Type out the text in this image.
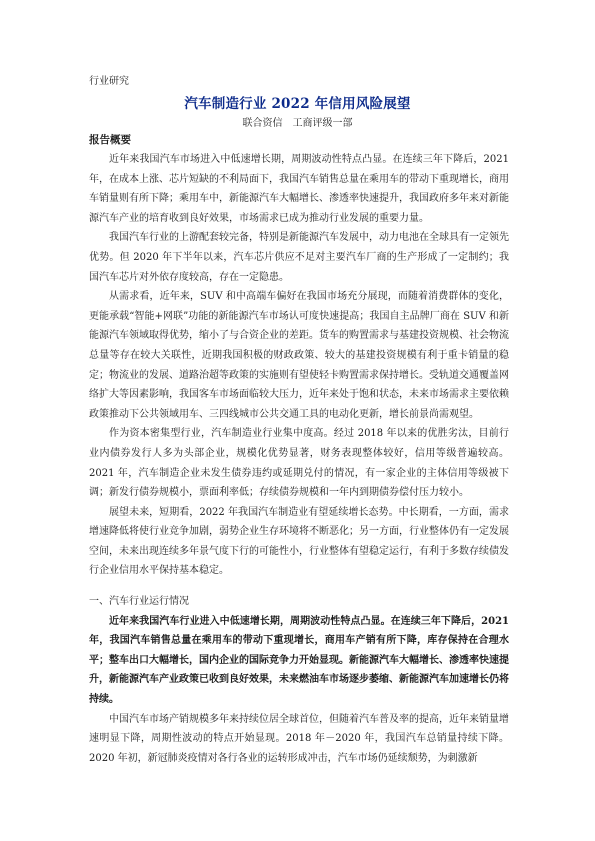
行业研究
汽车制造行业 2022 年信用风险展望
联合资信　工商评级一部
报告概要

近年来我国汽车市场进入中低速增长期，周期波动性特点凸显。在连续三年下降后，2021 年，在成本上涨、芯片短缺的不利局面下，我国汽车销售总量在乘用车的带动下重现增长，商用车销量则有所下降；乘用车中，新能源汽车大幅增长、渗透率快速提升，我国政府多年来对新能源汽车产业的培育收到良好效果，市场需求已成为推动行业发展的重要力量。

我国汽车行业的上游配套较完备，特别是新能源汽车发展中，动力电池在全球具有一定领先优势。但 2020 年下半年以来，汽车芯片供应不足对主要汽车厂商的生产形成了一定制约；我国汽车芯片对外依存度较高，存在一定隐患。

从需求看，近年来，SUV 和中高端车偏好在我国市场充分展现，而随着消费群体的变化，更能承载“智能+网联”功能的新能源汽车市场认可度快速提高；我国自主品牌厂商在 SUV 和新能源汽车领域取得优势，缩小了与合资企业的差距。货车的购置需求与基建投资规模、社会物流总量等存在较大关联性，近期我国积极的财政政策、较大的基建投资规模有利于重卡销量的稳定；物流业的发展、道路治超等政策的实施则有望使轻卡购置需求保持增长。受轨道交通覆盖网络扩大等因素影响，我国客车市场面临较大压力，近年来处于饱和状态，未来市场需求主要依赖政策推动下公共领域用车、三四线城市公共交通工具的电动化更新，增长前景尚需观望。

作为资本密集型行业，汽车制造业行业集中度高。经过 2018 年以来的优胜劣汰，目前行业内债券发行人多为头部企业，规模化优势显著，财务表现整体较好，信用等级普遍较高。2021 年，汽车制造企业未发生债券违约或延期兑付的情况，有一家企业的主体信用等级被下调；新发行债券规模小，票面利率低；存续债券规模和一年内到期债券偿付压力较小。

展望未来，短期看，2022 年我国汽车制造业有望延续增长态势。中长期看，一方面，需求增速降低将使行业竞争加剧，弱势企业生存环境将不断恶化；另一方面，行业整体仍有一定发展空间，未来出现连续多年景气度下行的可能性小，行业整体有望稳定运行，有利于多数存续债发行企业信用水平保持基本稳定。

一、汽车行业运行情况

近年来我国汽车行业进入中低速增长期，周期波动性特点凸显。在连续三年下降后，2021 年，我国汽车销售总量在乘用车的带动下重现增长，商用车产销有所下降，库存保持在合理水平；整车出口大幅增长，国内企业的国际竞争力开始显现。新能源汽车大幅增长、渗透率快速提升，新能源汽车产业政策已收到良好效果，未来燃油车市场逐步萎缩、新能源汽车加速增长仍将持续。

中国汽车市场产销规模多年来持续位居全球首位，但随着汽车普及率的提高，近年来销量增速明显下降，周期性波动的特点开始显现。2018 年－2020 年，我国汽车总销量持续下降。2020 年初，新冠肺炎疫情对各行各业的运转形成冲击，汽车市场仍延续颓势，为刺激新
